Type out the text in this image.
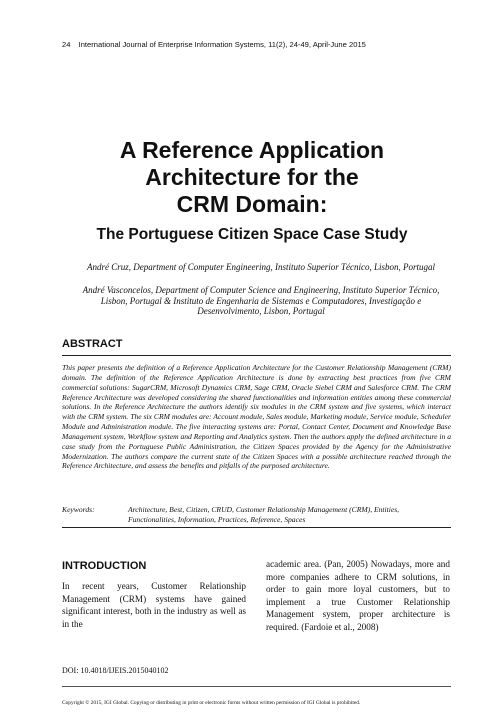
24 International Journal of Enterprise Information Systems, 11(2), 24-49, April-June 2015
A Reference Application
Architecture for the
CRM Domain:
The Portuguese Citizen Space Case Study
André Cruz, Department of Computer Engineering, Instituto Superior Técnico, Lisbon, Portugal
André Vasconcelos, Department of Computer Science and Engineering, Instituto Superior Técnico, Lisbon, Portugal & Instituto de Engenharia de Sistemas e Computadores, Investigação e Desenvolvimento, Lisbon, Portugal
ABSTRACT

This paper presents the definition of a Reference Application Architecture for the Customer Relationship Management (CRM) domain. The definition of the Reference Application Architecture is done by extracting best practices from five CRM commercial solutions: SugarCRM, Microsoft Dynamics CRM, Sage CRM, Oracle Siebel CRM and Salesforce CRM. The CRM Reference Architecture was developed considering the shared functionalities and information entities among these commercial solutions. In the Reference Architecture the authors identify six modules in the CRM system and five systems, which interact with the CRM system. The six CRM modules are: Account module, Sales module, Marketing module, Service module, Scheduler Module and Administration module. The five interacting systems are: Portal, Contact Center, Document and Knowledge Base Management system, Workflow system and Reporting and Analytics system. Then the authors apply the defined architecture in a case study from the Portuguese Public Administration, the Citizen Spaces provided by the Agency for the Administrative Modernization. The authors compare the current state of the Citizen Spaces with a possible architecture reached through the Reference Architecture, and assess the benefits and pitfalls of the purposed architecture.

Keywords:	Architecture, Best, Citizen, CRUD, Customer Relationship Management (CRM), Entities, Functionalities, Information, Practices, Reference, Spaces
INTRODUCTION

In recent years, Customer Relationship Management (CRM) systems have gained significant interest, both in the industry as well as in the

academic area. (Pan, 2005) Nowadays, more and more companies adhere to CRM solutions, in order to gain more loyal customers, but to implement a true Customer Relationship Management system, proper architecture is required. (Fardoie et al., 2008)

DOI: 10.4018/IJEIS.2015040102
Copyright © 2015, IGI Global. Copying or distributing in print or electronic forms without written permission of IGI Global is prohibited.
